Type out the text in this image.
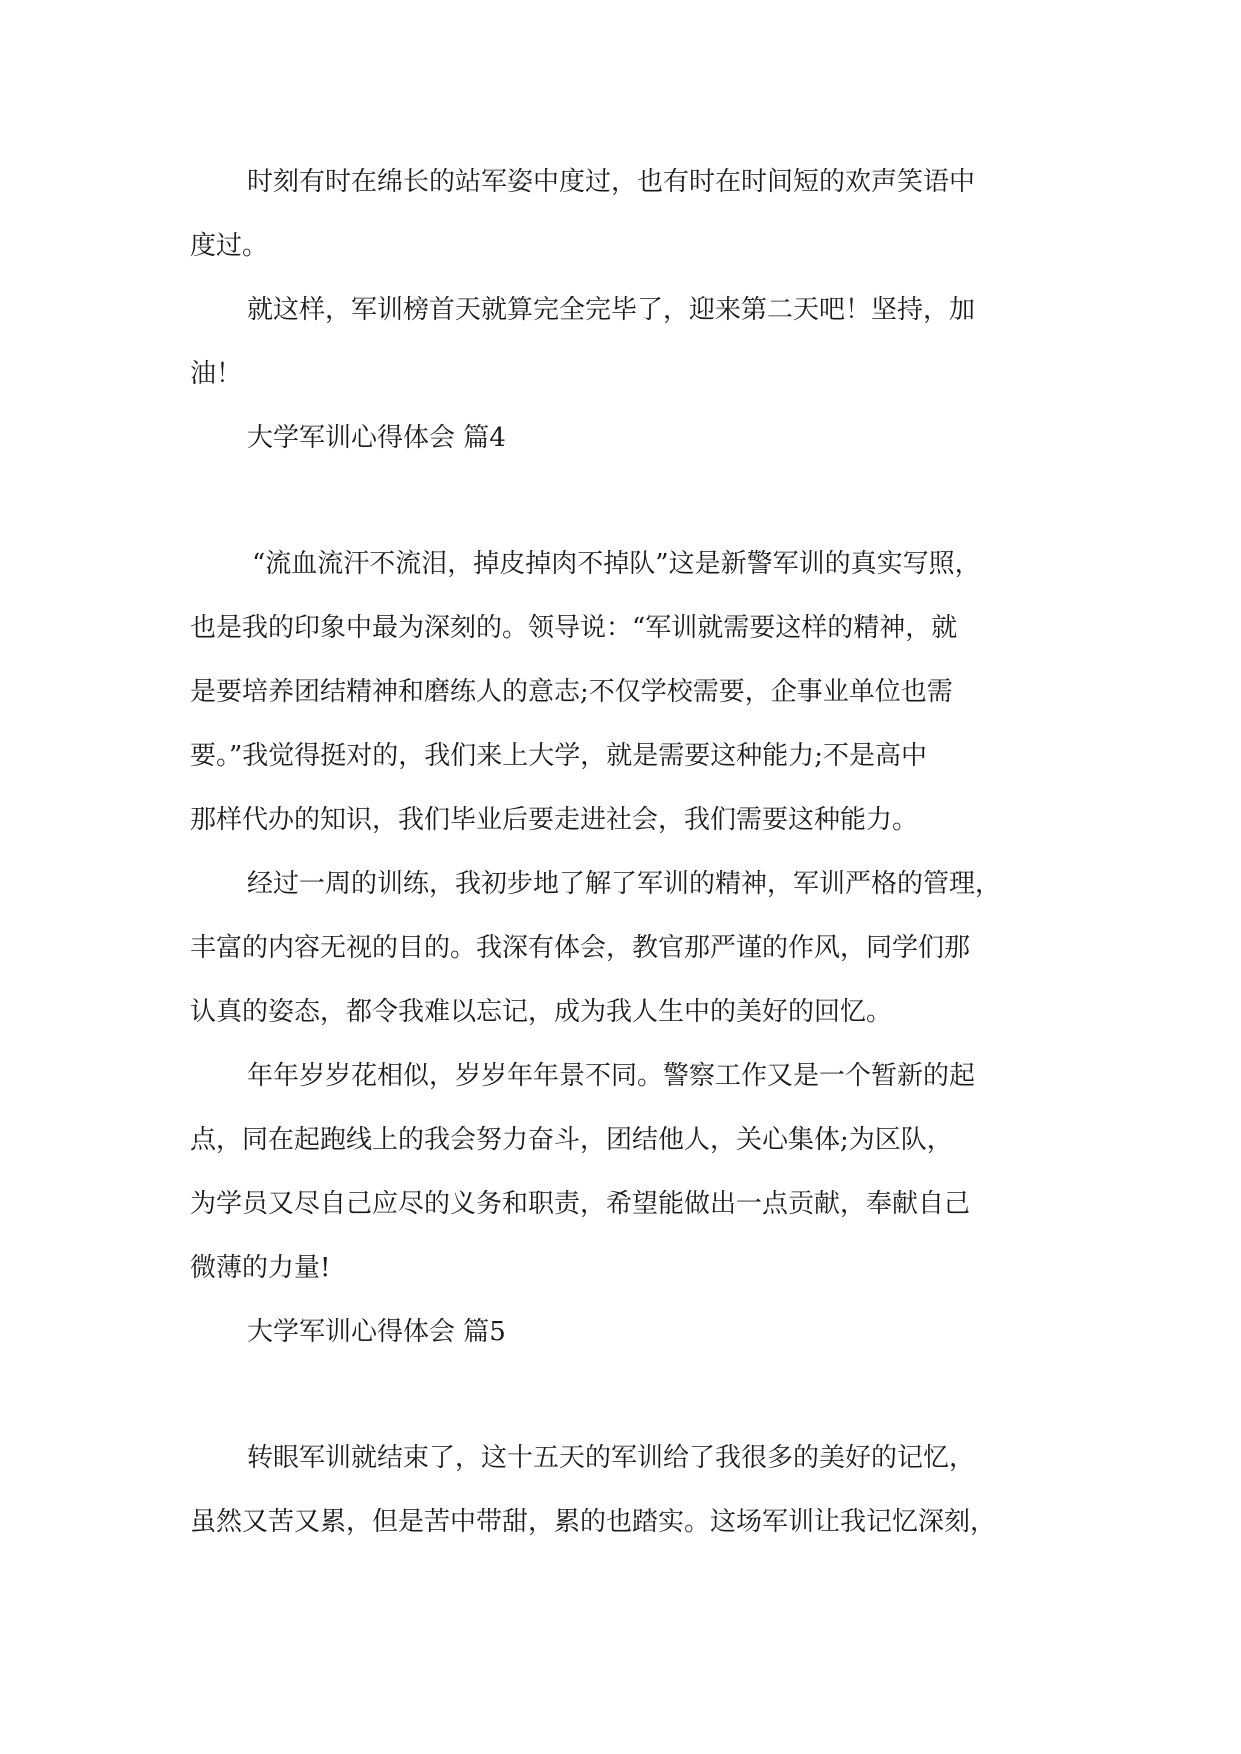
时刻有时在绵长的站军姿中度过，也有时在时间短的欢声笑语中

度过。

就这样，军训榜首天就算完全完毕了，迎来第二天吧！坚持，加

油！

大学军训心得体会 篇4

“流血流汗不流泪，掉皮掉肉不掉队”这是新警军训的真实写照，

也是我的印象中最为深刻的。领导说：“军训就需要这样的精神，就

是要培养团结精神和磨练人的意志;不仅学校需要，企事业单位也需

要。”我觉得挺对的，我们来上大学，就是需要这种能力;不是高中

那样代办的知识，我们毕业后要走进社会，我们需要这种能力。

经过一周的训练，我初步地了解了军训的精神，军训严格的管理，

丰富的内容无视的目的。我深有体会，教官那严谨的作风，同学们那

认真的姿态，都令我难以忘记，成为我人生中的美好的回忆。

年年岁岁花相似，岁岁年年景不同。警察工作又是一个暂新的起

点，同在起跑线上的我会努力奋斗，团结他人，关心集体;为区队，

为学员又尽自己应尽的义务和职责，希望能做出一点贡献，奉献自己

微薄的力量!

大学军训心得体会 篇5

转眼军训就结束了，这十五天的军训给了我很多的美好的记忆，

虽然又苦又累，但是苦中带甜，累的也踏实。这场军训让我记忆深刻，
